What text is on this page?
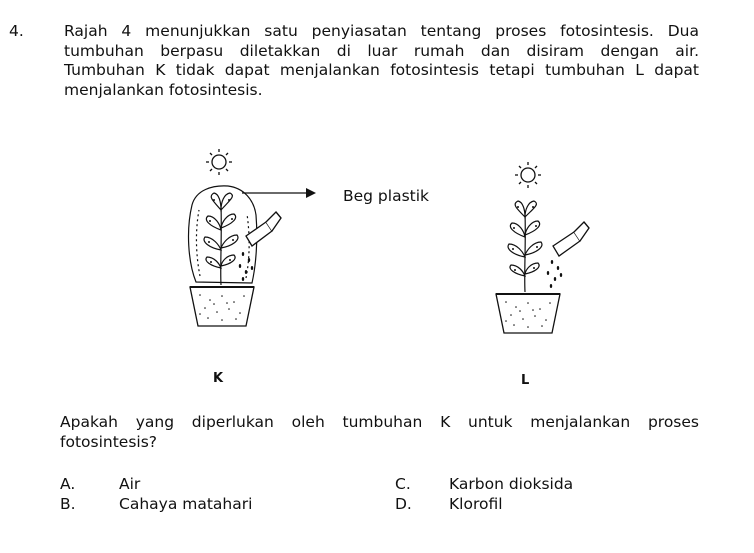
4.	Rajah 4 menunjukkan satu penyiasatan tentang proses fotosintesis. Dua
tumbuhan berpasu diletakkan di luar rumah dan disiram dengan air.
Tumbuhan K tidak dapat menjalankan fotosintesis tetapi tumbuhan L dapat
menjalankan fotosintesis.
Beg plastik
K	L
Apakah yang diperlukan oleh tumbuhan K untuk menjalankan proses
fotosintesis?
A.	Air
B.	Cahaya matahari
C. Karbon dioksida
D. Klorofil
